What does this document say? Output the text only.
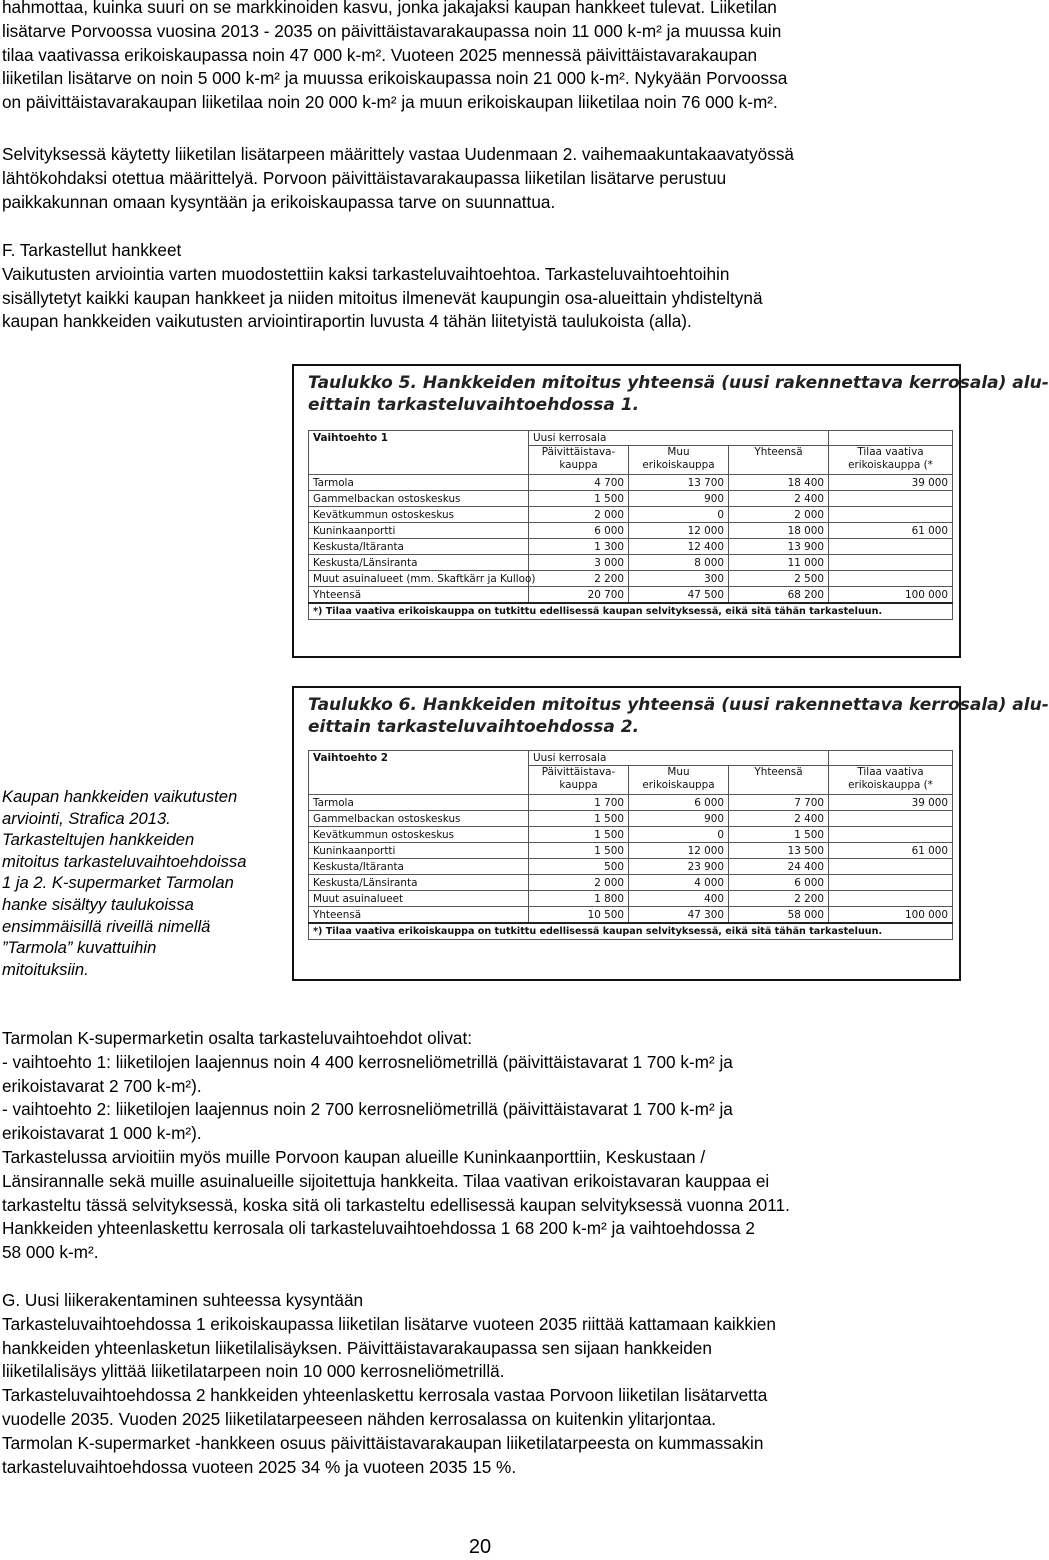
hahmottaa, kuinka suuri on se markkinoiden kasvu, jonka jakajaksi kaupan hankkeet tulevat. Liiketilan
lisätarve Porvoossa vuosina 2013 - 2035 on päivittäistavarakaupassa noin 11 000 k-m² ja muussa kuin
tilaa vaativassa erikoiskaupassa noin 47 000 k-m². Vuoteen 2025 mennessä päivittäistavarakaupan
liiketilan lisätarve on noin 5 000 k-m² ja muussa erikoiskaupassa noin 21 000 k-m². Nykyään Porvoossa
on päivittäistavarakaupan liiketilaa noin 20 000 k-m² ja muun erikoiskaupan liiketilaa noin 76 000 k-m².
Selvityksessä käytetty liiketilan lisätarpeen määrittely vastaa Uudenmaan 2. vaihemaakuntakaavatyössä
lähtökohdaksi otettua määrittelyä. Porvoon päivittäistavarakaupassa liiketilan lisätarve perustuu
paikkakunnan omaan kysyntään ja erikoiskaupassa tarve on suunnattua.
F. Tarkastellut hankkeet
Vaikutusten arviointia varten muodostettiin kaksi tarkasteluvaihtoehtoa. Tarkasteluvaihtoehtoihin
sisällytetyt kaikki kaupan hankkeet ja niiden mitoitus ilmenevät kaupungin osa-alueittain yhdisteltynä
kaupan hankkeiden vaikutusten arviointiraportin luvusta 4 tähän liitetyistä taulukoista (alla).
Taulukko 5. Hankkeiden mitoitus yhteensä (uusi rakennettava kerrosala) alu-
eittain tarkasteluvaihtoehdossa 1.
Vaihtoehto 1	Uusi kerrosala			
	Päivittäistava-kauppa	Muu erikoiskauppa	Yhteensä	Tilaa vaativa erikoiskauppa (*
Tarmola	4 700	13 700	18 400	39 000
Gammelbackan ostoskeskus	1 500	900	2 400	
Kevätkummun ostoskeskus	2 000	0	2 000	
Kuninkaanportti	6 000	12 000	18 000	61 000
Keskusta/Itäranta	1 300	12 400	13 900	
Keskusta/Länsiranta	3 000	8 000	11 000	
Muut asuinalueet (mm. Skaftkärr ja Kulloo)	2 200	300	2 500	
Yhteensä	20 700	47 500	68 200	100 000
*) Tilaa vaativa erikoiskauppa on tutkittu edellisessä kaupan selvityksessä, eikä sitä tähän tarkasteluun.				
Taulukko 6. Hankkeiden mitoitus yhteensä (uusi rakennettava kerrosala) alu-
eittain tarkasteluvaihtoehdossa 2.
Vaihtoehto 2	Uusi kerrosala			
	Päivittäistava-kauppa	Muu erikoiskauppa	Yhteensä	Tilaa vaativa erikoiskauppa (*
Tarmola	1 700	6 000	7 700	39 000
Gammelbackan ostoskeskus	1 500	900	2 400	
Kevätkummun ostoskeskus	1 500	0	1 500	
Kuninkaanportti	1 500	12 000	13 500	61 000
Keskusta/Itäranta	500	23 900	24 400	
Keskusta/Länsiranta	2 000	4 000	6 000	
Muut asuinalueet	1 800	400	2 200	
Yhteensä	10 500	47 300	58 000	100 000
*) Tilaa vaativa erikoiskauppa on tutkittu edellisessä kaupan selvityksessä, eikä sitä tähän tarkasteluun.				
Kaupan hankkeiden vaikutusten
arviointi, Strafica 2013.
Tarkasteltujen hankkeiden
mitoitus tarkasteluvaihtoehdoissa
1 ja 2. K-supermarket Tarmolan
hanke sisältyy taulukoissa
ensimmäisillä riveillä nimellä
”Tarmola” kuvattuihin
mitoituksiin.
Tarmolan K-supermarketin osalta tarkasteluvaihtoehdot olivat:
- vaihtoehto 1: liiketilojen laajennus noin 4 400 kerrosneliömetrillä (päivittäistavarat 1 700 k-m² ja
erikoistavarat 2 700 k-m²).
- vaihtoehto 2: liiketilojen laajennus noin 2 700 kerrosneliömetrillä (päivittäistavarat 1 700 k-m² ja
erikoistavarat 1 000 k-m²).
Tarkastelussa arvioitiin myös muille Porvoon kaupan alueille Kuninkaanporttiin, Keskustaan /
Länsirannalle sekä muille asuinalueille sijoitettuja hankkeita. Tilaa vaativan erikoistavaran kauppaa ei
tarkasteltu tässä selvityksessä, koska sitä oli tarkasteltu edellisessä kaupan selvityksessä vuonna 2011.
Hankkeiden yhteenlaskettu kerrosala oli tarkasteluvaihtoehdossa 1 68 200 k-m² ja vaihtoehdossa 2
58 000 k-m².
G. Uusi liikerakentaminen suhteessa kysyntään
Tarkasteluvaihtoehdossa 1 erikoiskaupassa liiketilan lisätarve vuoteen 2035 riittää kattamaan kaikkien
hankkeiden yhteenlasketun liiketilalisäyksen. Päivittäistavarakaupassa sen sijaan hankkeiden
liiketilalisäys ylittää liiketilatarpeen noin 10 000 kerrosneliömetrillä.
Tarkasteluvaihtoehdossa 2 hankkeiden yhteenlaskettu kerrosala vastaa Porvoon liiketilan lisätarvetta
vuodelle 2035. Vuoden 2025 liiketilatarpeeseen nähden kerrosalassa on kuitenkin ylitarjontaa.
Tarmolan K-supermarket -hankkeen osuus päivittäistavarakaupan liiketilatarpeesta on kummassakin
tarkasteluvaihtoehdossa vuoteen 2025 34 % ja vuoteen 2035 15 %.
20
